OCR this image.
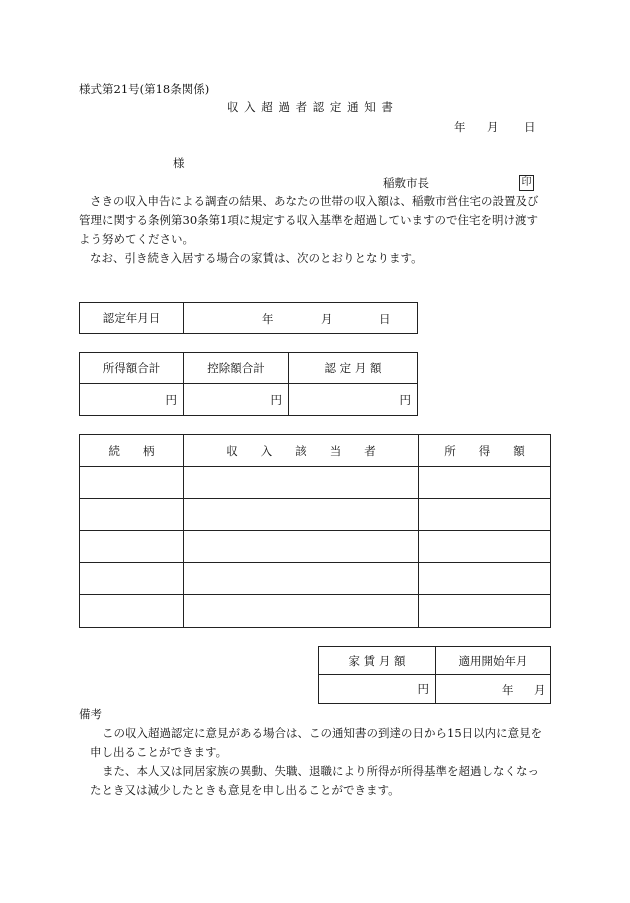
様式第21号(第18条関係)
収 入 超 過 者 認 定 通 知 書
年 月 日
様
稲敷市長	印

さきの収入申告による調査の結果、あなたの世帯の収入額は、稲敷市営住宅の設置及び

管理に関する条例第30条第1項に規定する収入基準を超過していますので住宅を明け渡す

よう努めてください。

なお、引き続き入居する場合の家賃は、次のとおりとなります。

認定年月日	年	月	日
所得額合計	控除額合計	認 定 月 額
円	円	円
続　　柄	収　　入　　該　　当　　者	所　　得　　額

家 賃 月 額	適用開始年月
円	年 月
備考

この収入超過認定に意見がある場合は、この通知書の到達の日から15日以内に意見を

申し出ることができます。

また、本人又は同居家族の異動、失職、退職により所得が所得基準を超過しなくなっ

たとき又は減少したときも意見を申し出ることができます。
